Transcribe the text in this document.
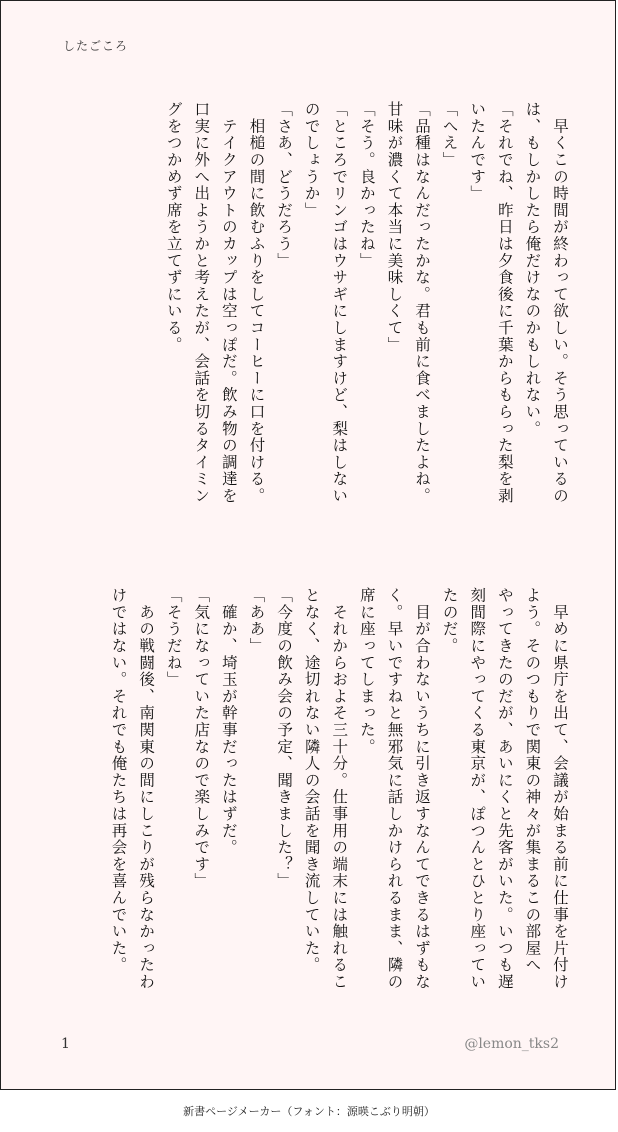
したごころ
　早くこの時間が終わって欲しい。そう思っているの
は、もしかしたら俺だけなのかもしれない。
「それでね、昨日は夕食後に千葉からもらった梨を剥
いたんです」
「へえ」
「品種はなんだったかな。君も前に食べましたよね。
甘味が濃くて本当に美味しくて」
「そう。良かったね」
「ところでリンゴはウサギにしますけど、梨はしない
のでしょうか」
「さあ、どうだろう」
　相槌の間に飲むふりをしてコーヒーに口を付ける。
　テイクアウトのカップは空っぽだ。飲み物の調達を
口実に外へ出ようかと考えたが、会話を切るタイミン
グをつかめず席を立てずにいる。
　早めに県庁を出て、会議が始まる前に仕事を片付け
よう。そのつもりで関東の神々が集まるこの部屋へ
やってきたのだが、あいにくと先客がいた。いつも遅
刻間際にやってくる東京が、ぽつんとひとり座ってい
たのだ。
　目が合わないうちに引き返すなんてできるはずもな
く。早いですねと無邪気に話しかけられるまま、隣の
席に座ってしまった。
　それからおよそ三十分。仕事用の端末には触れるこ
となく、途切れない隣人の会話を聞き流していた。
「今度の飲み会の予定、聞きました？」
「ああ」
　確か、埼玉が幹事だったはずだ。
「気になっていた店なので楽しみです」
「そうだね」
　あの戦闘後、南関東の間にしこりが残らなかったわ
けではない。それでも俺たちは再会を喜んでいた。
1	@lemon_tks2
新書ページメーカー（フォント：源暎こぶり明朝）
